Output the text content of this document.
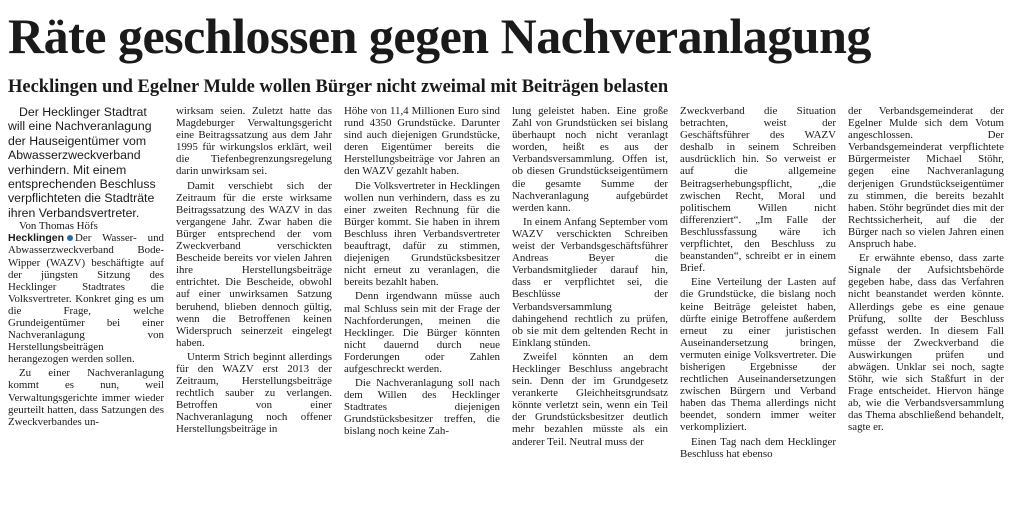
Räte geschlossen gegen Nachveranlagung
Hecklingen und Egelner Mulde wollen Bürger nicht zweimal mit Beiträgen belasten

Der Hecklinger Stadtrat will eine Nachveranlagung der Hauseigentümer vom Abwasserzweckverband verhindern. Mit einem entsprechenden Beschluss verpflichteten die Stadträte ihren Verbandsvertreter.

Von Thomas Höfs

Hecklingen Der Wasser- und Abwasserzweckverband Bode-Wipper (WAZV) beschäftigte auf der jüngsten Sitzung des Hecklinger Stadtrates die Volksvertreter. Konkret ging es um die Frage, welche Grundeigentümer bei einer Nachveranlagung von Herstellungsbeiträgen herangezogen werden sollen.

Zu einer Nachveranlagung kommt es nun, weil Verwaltungsgerichte immer wieder geurteilt hatten, dass Satzungen des Zweckverbandes un-

wirksam seien. Zuletzt hatte das Magdeburger Verwaltungsgericht eine Beitragssatzung aus dem Jahr 1995 für wirkungslos erklärt, weil die Tiefenbegrenzungsregelung darin unwirksam sei.

Damit verschiebt sich der Zeitraum für die erste wirksame Beitragssatzung des WAZV in das vergangene Jahr. Zwar haben die Bürger entsprechend der vom Zweckverband verschickten Bescheide bereits vor vielen Jahren ihre Herstellungsbeiträge entrichtet. Die Bescheide, obwohl auf einer unwirksamen Satzung beruhend, blieben dennoch gültig, wenn die Betroffenen keinen Widerspruch seinerzeit eingelegt haben.

Unterm Strich beginnt allerdings für den WAZV erst 2013 der Zeitraum, Herstellungsbeiträge rechtlich sauber zu verlangen. Betroffen von einer Nachveranlagung noch offener Herstellungsbeiträge in

Höhe von 11,4 Millionen Euro sind rund 4350 Grundstücke. Darunter sind auch diejenigen Grundstücke, deren Eigentümer bereits die Herstellungsbeiträge vor Jahren an den WAZV gezahlt haben.

Die Volksvertreter in Hecklingen wollen nun verhindern, dass es zu einer zweiten Rechnung für die Bürger kommt. Sie haben in ihrem Beschluss ihren Verbandsvertreter beauftragt, dafür zu stimmen, diejenigen Grundstücksbesitzer nicht erneut zu veranlagen, die bereits bezahlt haben.

Denn irgendwann müsse auch mal Schluss sein mit der Frage der Nachforderungen, meinen die Hecklinger. Die Bürger könnten nicht dauernd durch neue Forderungen oder Zahlen aufgeschreckt werden.

Die Nachveranlagung soll nach dem Willen des Hecklinger Stadtrates diejenigen Grundstücksbesitzer treffen, die bislang noch keine Zah-

lung geleistet haben. Eine große Zahl von Grundstücken sei bislang überhaupt noch nicht veranlagt worden, heißt es aus der Verbandsversammlung. Offen ist, ob diesen Grundstückseigentümern die gesamte Summe der Nachveranlagung aufgebürdet werden kann.

In einem Anfang September vom WAZV verschickten Schreiben weist der Verbandsgeschäftsführer Andreas Beyer die Verbandsmitglieder darauf hin, dass er verpflichtet sei, die Beschlüsse der Verbandsversammlung dahingehend rechtlich zu prüfen, ob sie mit dem geltenden Recht in Einklang stünden.

Zweifel könnten an dem Hecklinger Beschluss angebracht sein. Denn der im Grundgesetz verankerte Gleichheitsgrundsatz könnte verletzt sein, wenn ein Teil der Grundstücksbesitzer deutlich mehr bezahlen müsste als ein anderer Teil. Neutral muss der

Zweckverband die Situation betrachten, weist der Geschäftsführer des WAZV deshalb in seinem Schreiben ausdrücklich hin. So verweist er auf die allgemeine Beitragserhebungspflicht, „die zwischen Recht, Moral und politischem Willen nicht differenziert“. „Im Falle der Beschlussfassung wäre ich verpflichtet, den Beschluss zu beanstanden“, schreibt er in einem Brief.

Eine Verteilung der Lasten auf die Grundstücke, die bislang noch keine Beiträge geleistet haben, dürfte einige Betroffene außerdem erneut zu einer juristischen Auseinandersetzung bringen, vermuten einige Volksvertreter. Die bisherigen Ergebnisse der rechtlichen Auseinandersetzungen zwischen Bürgern und Verband haben das Thema allerdings nicht beendet, sondern immer weiter verkompliziert.

Einen Tag nach dem Hecklinger Beschluss hat ebenso

der Verbandsgemeinderat der Egelner Mulde sich dem Votum angeschlossen. Der Verbandsgemeinderat verpflichtete Bürgermeister Michael Stöhr, gegen eine Nachveranlagung derjenigen Grundstückseigentümer zu stimmen, die bereits bezahlt haben. Stöhr begründet dies mit der Rechtssicherheit, auf die der Bürger nach so vielen Jahren einen Anspruch habe.

Er erwähnte ebenso, dass zarte Signale der Aufsichtsbehörde gegeben habe, dass das Verfahren nicht beanstandet werden könnte. Allerdings gebe es eine genaue Prüfung, sollte der Beschluss gefasst werden. In diesem Fall müsse der Zweckverband die Auswirkungen prüfen und abwägen. Unklar sei noch, sagte Stöhr, wie sich Staßfurt in der Frage entscheidet. Hiervon hänge ab, wie die Verbandsversammlung das Thema abschließend behandelt, sagte er.
